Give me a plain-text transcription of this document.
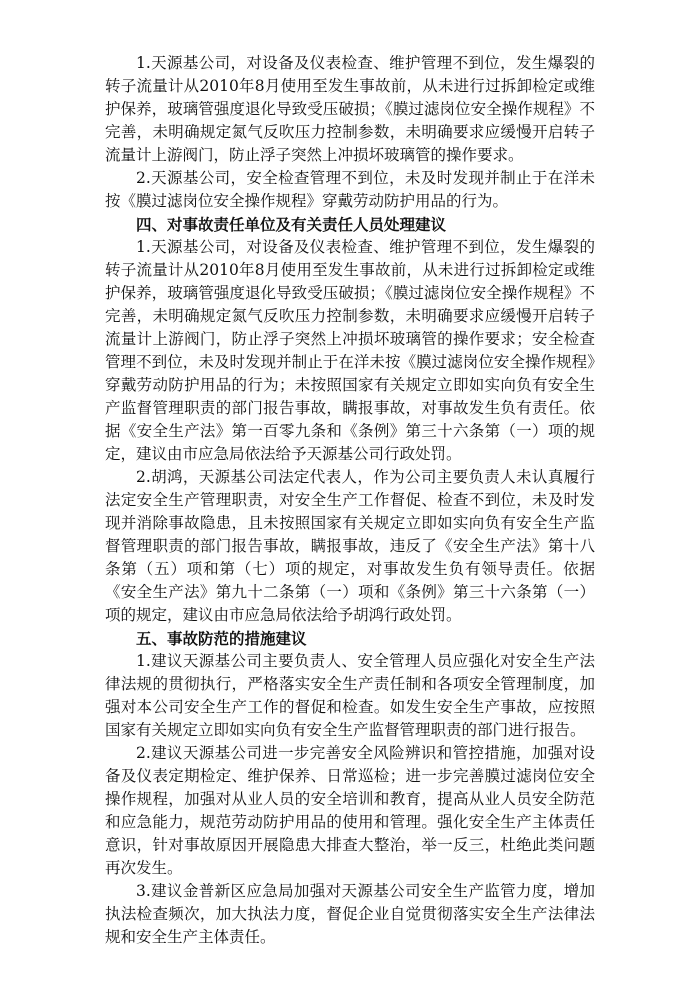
1.天源基公司，对设备及仪表检查、维护管理不到位，发生爆裂的转子流量计从2010年8月使用至发生事故前，从未进行过拆卸检定或维护保养，玻璃管强度退化导致受压破损；《膜过滤岗位安全操作规程》不完善，未明确规定氮气反吹压力控制参数，未明确要求应缓慢开启转子流量计上游阀门，防止浮子突然上冲损坏玻璃管的操作要求。

2.天源基公司，安全检查管理不到位，未及时发现并制止于在洋未按《膜过滤岗位安全操作规程》穿戴劳动防护用品的行为。

四、对事故责任单位及有关责任人员处理建议

1.天源基公司，对设备及仪表检查、维护管理不到位，发生爆裂的转子流量计从2010年8月使用至发生事故前，从未进行过拆卸检定或维护保养，玻璃管强度退化导致受压破损；《膜过滤岗位安全操作规程》不完善，未明确规定氮气反吹压力控制参数，未明确要求应缓慢开启转子流量计上游阀门，防止浮子突然上冲损坏玻璃管的操作要求；安全检查管理不到位，未及时发现并制止于在洋未按《膜过滤岗位安全操作规程》穿戴劳动防护用品的行为；未按照国家有关规定立即如实向负有安全生产监督管理职责的部门报告事故，瞒报事故，对事故发生负有责任。依据《安全生产法》第一百零九条和《条例》第三十六条第（一）项的规定，建议由市应急局依法给予天源基公司行政处罚。

2.胡鸿，天源基公司法定代表人，作为公司主要负责人未认真履行法定安全生产管理职责，对安全生产工作督促、检查不到位，未及时发现并消除事故隐患，且未按照国家有关规定立即如实向负有安全生产监督管理职责的部门报告事故，瞒报事故，违反了《安全生产法》第十八条第（五）项和第（七）项的规定，对事故发生负有领导责任。依据《安全生产法》第九十二条第（一）项和《条例》第三十六条第（一）项的规定，建议由市应急局依法给予胡鸿行政处罚。

五、事故防范的措施建议

1.建议天源基公司主要负责人、安全管理人员应强化对安全生产法律法规的贯彻执行，严格落实安全生产责任制和各项安全管理制度，加强对本公司安全生产工作的督促和检查。如发生安全生产事故，应按照国家有关规定立即如实向负有安全生产监督管理职责的部门进行报告。

2.建议天源基公司进一步完善安全风险辨识和管控措施，加强对设备及仪表定期检定、维护保养、日常巡检；进一步完善膜过滤岗位安全操作规程，加强对从业人员的安全培训和教育，提高从业人员安全防范和应急能力，规范劳动防护用品的使用和管理。强化安全生产主体责任意识，针对事故原因开展隐患大排查大整治，举一反三，杜绝此类问题再次发生。

3.建议金普新区应急局加强对天源基公司安全生产监管力度，增加执法检查频次，加大执法力度，督促企业自觉贯彻落实安全生产法律法规和安全生产主体责任。
